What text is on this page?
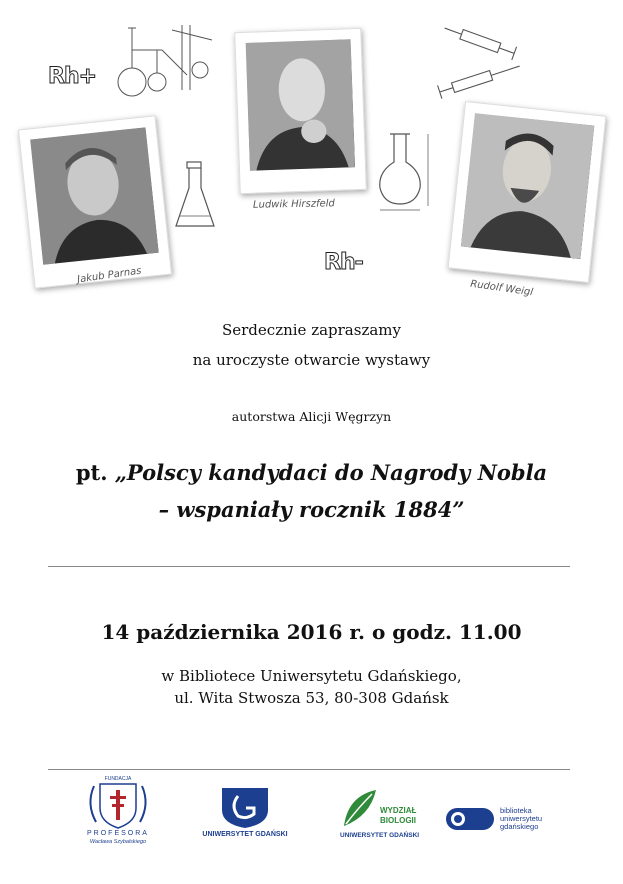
Rh+
Rh-
Jakub Parnas
Ludwik Hirszfeld
Rudolf Weigl
Serdecznie zapraszamy
na uroczyste otwarcie wystawy
autorstwa Alicji Węgrzyn
pt. „Polscy kandydaci do Nagrody Nobla
– wspaniały rocznik 1884”
14 października 2016 r. o godz. 11.00
w Bibliotece Uniwersytetu Gdańskiego,
ul. Wita Stwosza 53, 80-308 Gdańsk
FUNDACJA
PROFESORA
Wacława Szybalskiego
UNIWERSYTET GDAŃSKI
WYDZIAŁ
BIOLOGII
UNIWERSYTET GDAŃSKI
biblioteka
uniwersytetu
gdańskiego
